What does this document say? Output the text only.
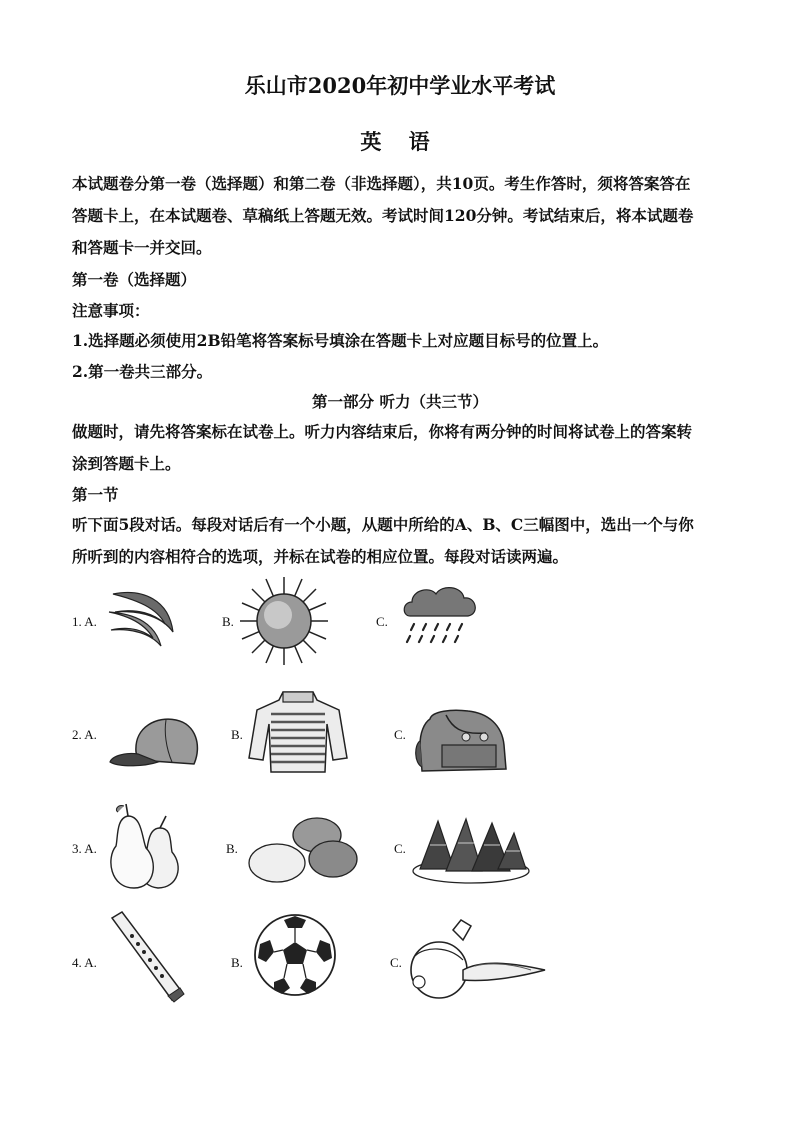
乐山市2020年初中学业水平考试
英 语
本试题卷分第一卷（选择题）和第二卷（非选择题），共10页。考生作答时，须将答案答在
答题卡上，在本试题卷、草稿纸上答题无效。考试时间120分钟。考试结束后，将本试题卷
和答题卡一并交回。
第一卷（选择题）
注意事项：
1.选择题必须使用2B铅笔将答案标号填涂在答题卡上对应题目标号的位置上。
2.第一卷共三部分。
第一部分 听力（共三节）
做题时，请先将答案标在试卷上。听力内容结束后，你将有两分钟的时间将试卷上的答案转
涂到答题卡上。
第一节
听下面5段对话。每段对话后有一个小题，从题中所给的A、B、C三幅图中，选出一个与你
所听到的内容相符合的选项，并标在试卷的相应位置。每段对话读两遍。
1. A.	B.	C.
2. A.	B.	C.
3. A.	B.	C.
4. A.	B.	C.
